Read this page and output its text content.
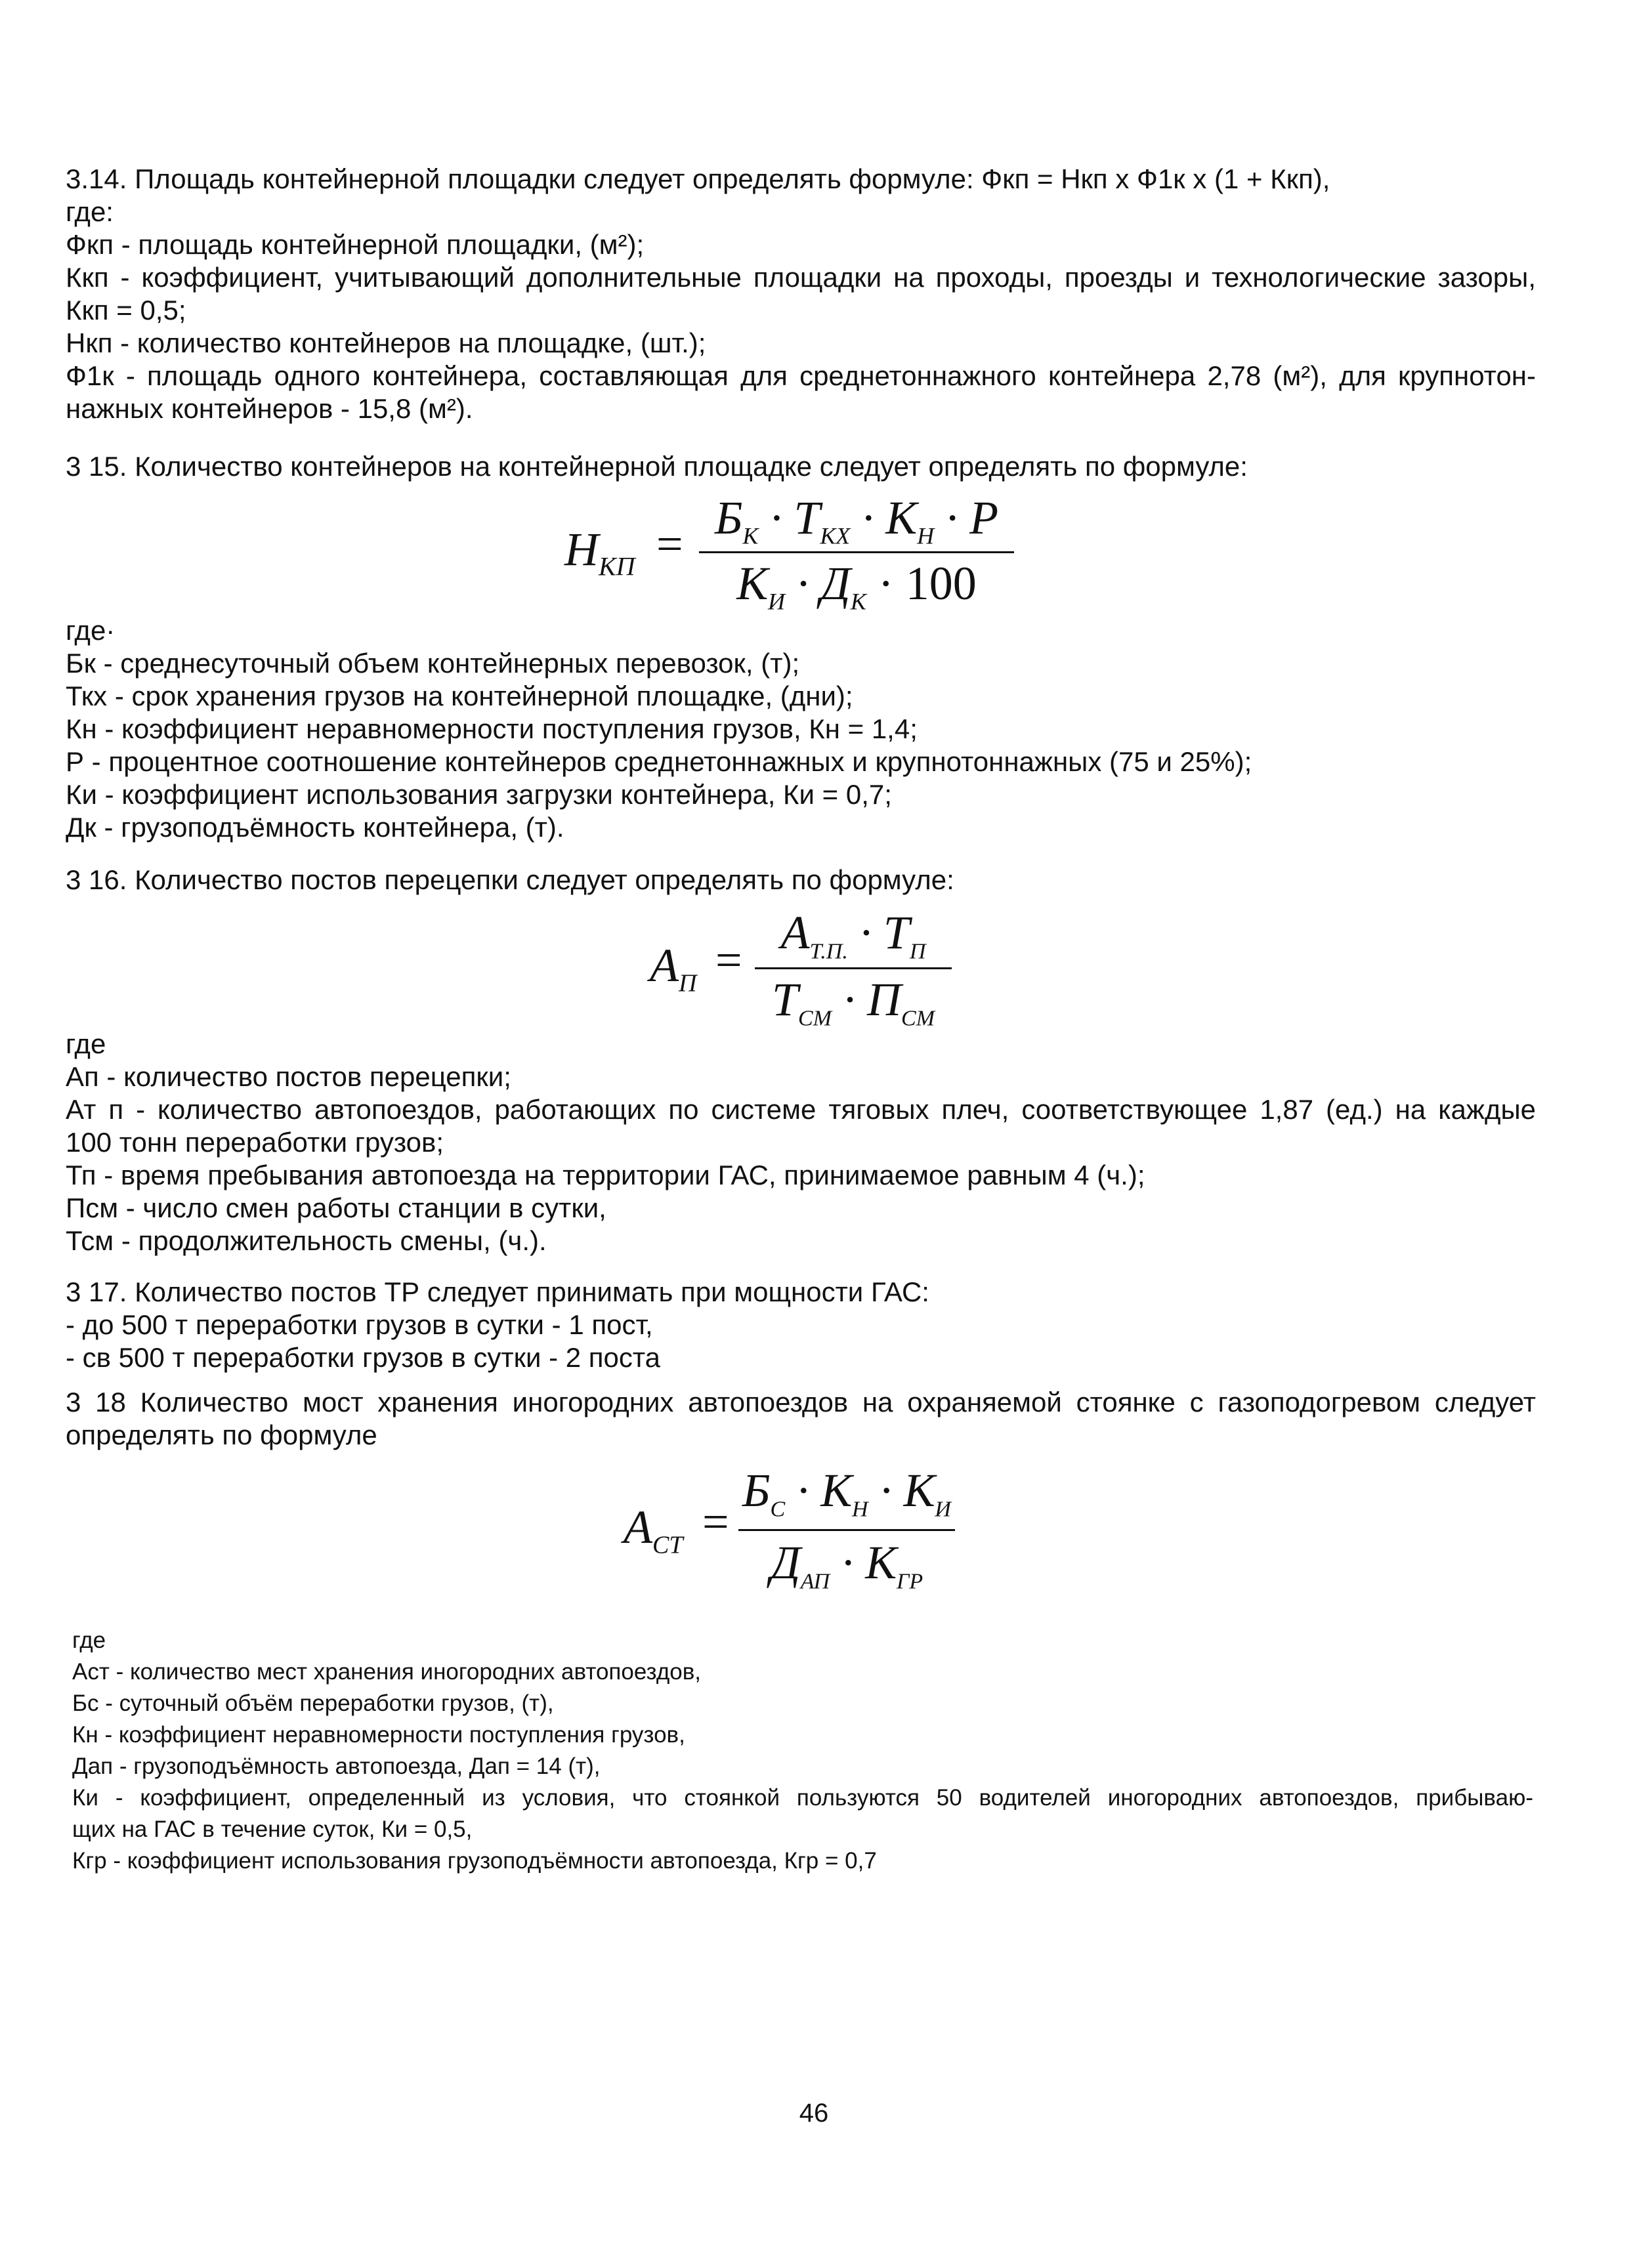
3.14. Площадь контейнерной площадки следует определять формуле: Фкп = Нкп х Ф1к х (1 + Ккп),
где:
Фкп - площадь контейнерной площадки, (м²);
Ккп - коэффициент, учитывающий дополнительные площадки на проходы, проезды и технологические зазоры,
Ккп = 0,5;
Нкп - количество контейнеров на площадке, (шт.);
Ф1к - площадь одного контейнера, составляющая для среднетоннажного контейнера 2,78 (м²), для крупнотон-
нажных контейнеров - 15,8 (м²).
3 15. Количество контейнеров на контейнерной площадке следует определять по формуле:
$Н_{КП} = Б_К \cdot Т_{КХ} \cdot К_Н \cdot Р$
$К_И \cdot Д_К \cdot 100$
где·
Бк - среднесуточный объем контейнерных перевозок, (т);
Ткх - срок хранения грузов на контейнерной площадке, (дни);
Кн - коэффициент неравномерности поступления грузов, Кн = 1,4;
Р - процентное соотношение контейнеров среднетоннажных и крупнотоннажных (75 и 25%);
Ки - коэффициент использования загрузки контейнера, Ки = 0,7;
Дк - грузоподъёмность контейнера, (т).
3 16. Количество постов перецепки следует определять по формуле:
$А_П$ =
$А_{Т.П.} \cdot Т_П$
$Т_{СМ} \cdot П_{СМ}$
где
Ап - количество постов перецепки;
Ат п - количество автопоездов, работающих по системе тяговых плеч, соответствующее 1,87 (ед.) на каждые
100 тонн переработки грузов;
Тп - время пребывания автопоезда на территории ГАС, принимаемое равным 4 (ч.);
Псм - число смен работы станции в сутки,
Тсм - продолжительность смены, (ч.).
3 17. Количество постов ТР следует принимать при мощности ГАС:
- до 500 т переработки грузов в сутки - 1 пост,
- св 500 т переработки грузов в сутки - 2 поста
3 18 Количество мост хранения иногородних автопоездов на охраняемой стоянке с газоподогревом следует
определять по формуле
$А_{СТ}$ =
$Б_С \cdot К_Н \cdot К_И$
$Д_{АП} \cdot К_{ГР}$
где
Аст - количество мест хранения иногородних автопоездов,
Бс - суточный объём переработки грузов, (т),
Кн - коэффициент неравномерности поступления грузов,
Дап - грузоподъёмность автопоезда, Дап = 14 (т),
Ки - коэффициент, определенный из условия, что стоянкой пользуются 50 водителей иногородних автопоездов, прибываю-
щих на ГАС в течение суток, Ки = 0,5,
Кгр - коэффициент использования грузоподъёмности автопоезда, Кгр = 0,7
46
